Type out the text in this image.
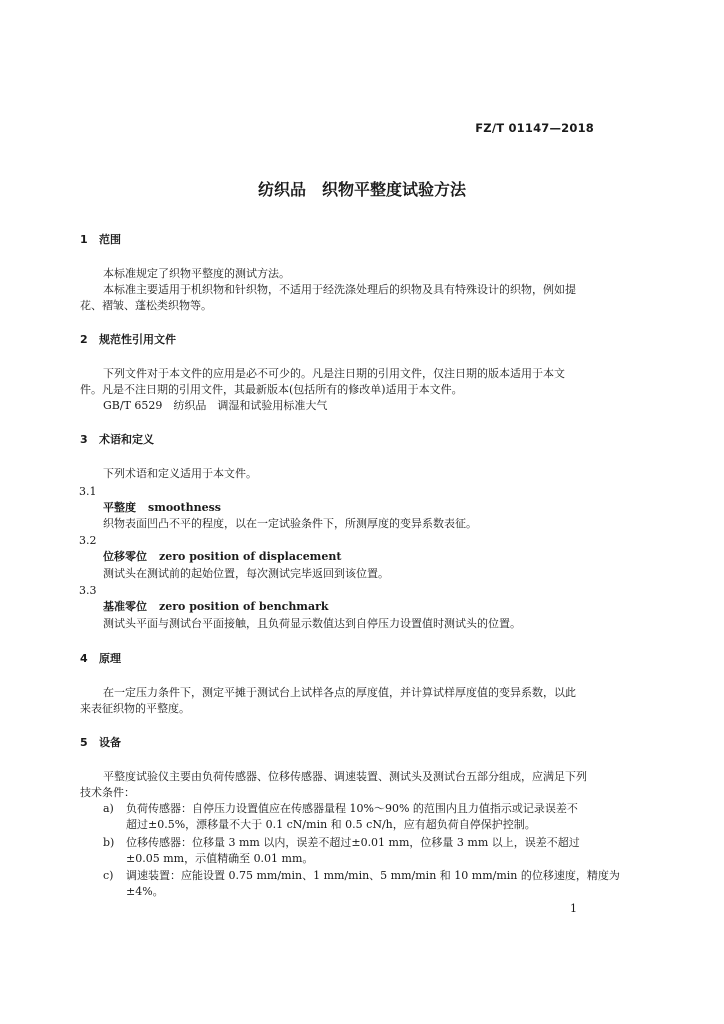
FZ/T 01147—2018
纺织品　织物平整度试验方法
1 范围
本标准规定了织物平整度的测试方法。
本标准主要适用于机织物和针织物，不适用于经洗涤处理后的织物及具有特殊设计的织物，例如提
花、褶皱、蓬松类织物等。
2 规范性引用文件
下列文件对于本文件的应用是必不可少的。凡是注日期的引用文件，仅注日期的版本适用于本文
件。凡是不注日期的引用文件，其最新版本(包括所有的修改单)适用于本文件。
GB/T 6529　纺织品　调湿和试验用标准大气
3 术语和定义
下列术语和定义适用于本文件。
3.1
平整度 smoothness
织物表面凹凸不平的程度，以在一定试验条件下，所测厚度的变异系数表征。
3.2
位移零位 zero position of displacement
测试头在测试前的起始位置，每次测试完毕返回到该位置。
3.3
基准零位 zero position of benchmark
测试头平面与测试台平面接触，且负荷显示数值达到自停压力设置值时测试头的位置。
4 原理
在一定压力条件下，测定平摊于测试台上试样各点的厚度值，并计算试样厚度值的变异系数，以此
来表征织物的平整度。
5 设备
平整度试验仪主要由负荷传感器、位移传感器、调速装置、测试头及测试台五部分组成，应满足下列
技术条件：
a) 负荷传感器：自停压力设置值应在传感器量程 10%～90% 的范围内且力值指示或记录误差不
超过±0.5%，漂移量不大于 0.1 cN/min 和 0.5 cN/h，应有超负荷自停保护控制。
b) 位移传感器：位移量 3 mm 以内，误差不超过±0.01 mm，位移量 3 mm 以上，误差不超过
±0.05 mm，示值精确至 0.01 mm。
c) 调速装置：应能设置 0.75 mm/min、1 mm/min、5 mm/min 和 10 mm/min 的位移速度，精度为
±4%。
1
